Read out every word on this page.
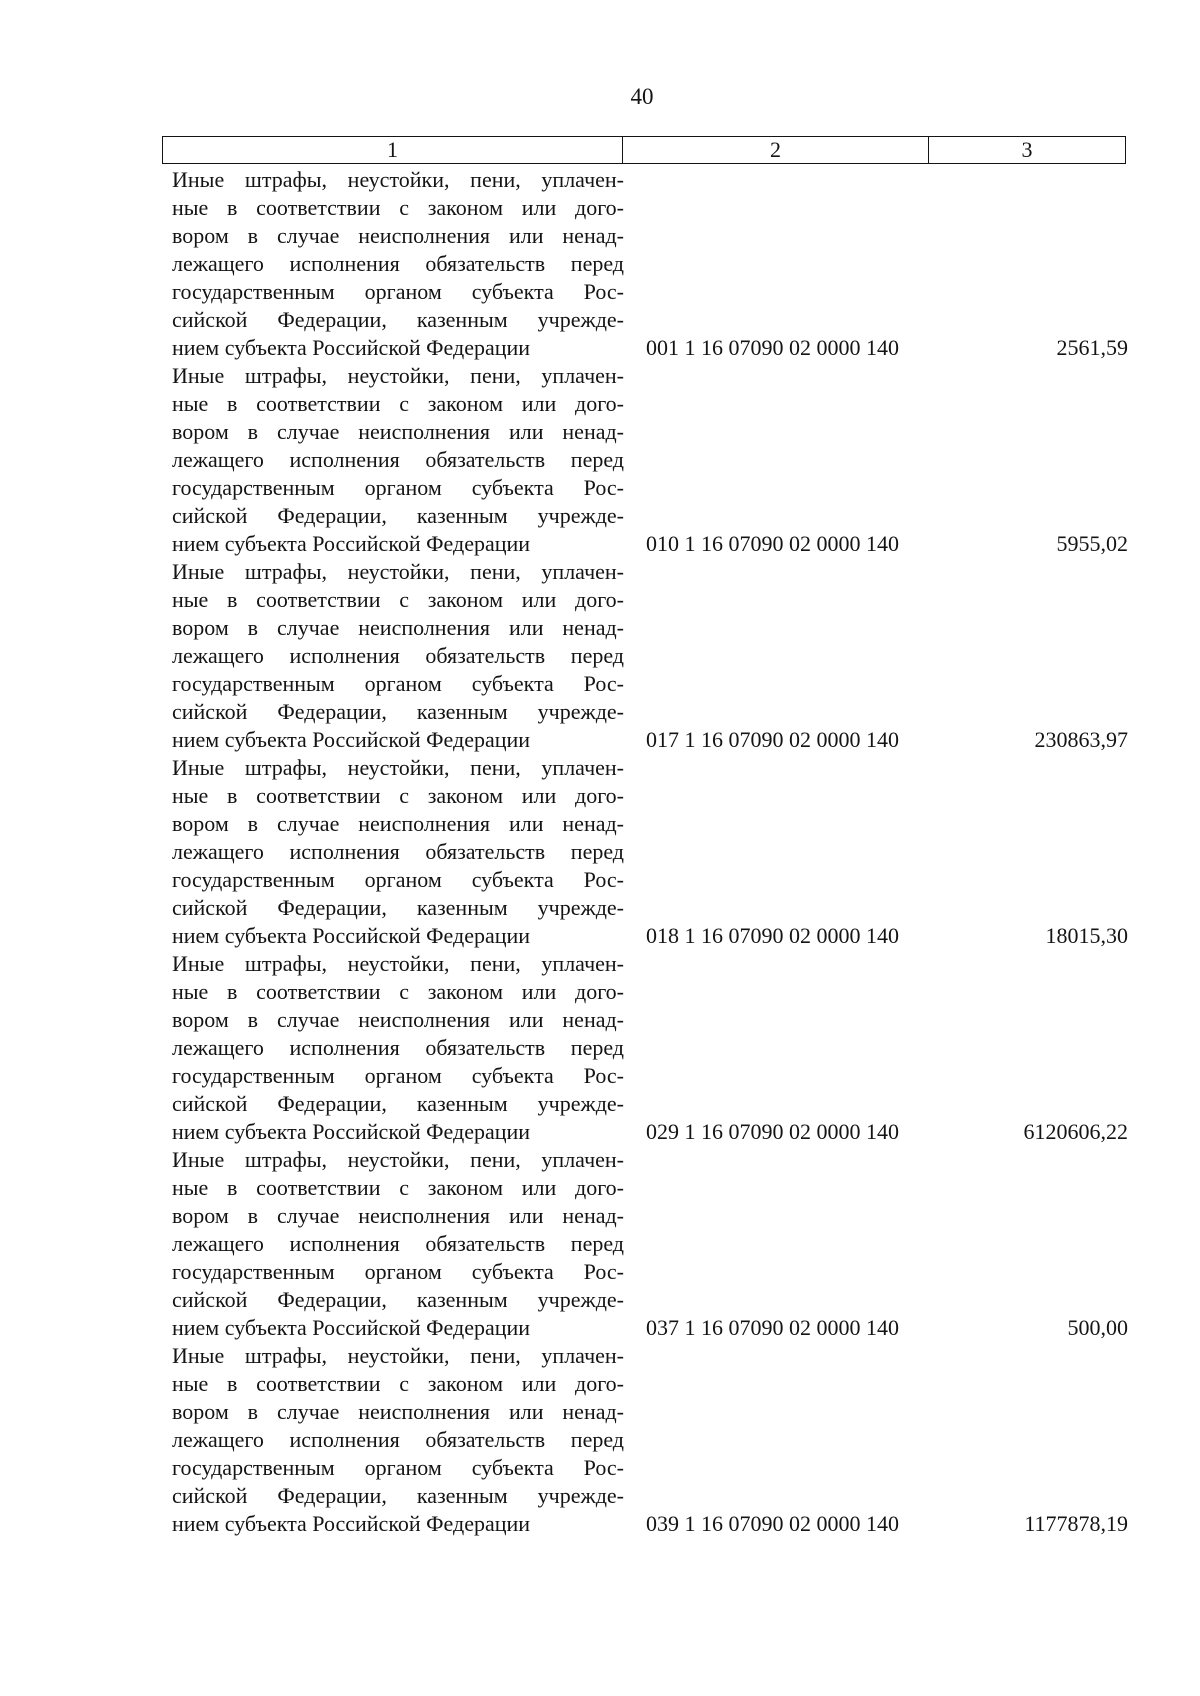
40
1	2	3
Иные штрафы, неустойки, пени, уплачен-
ные в соответствии с законом или дого-
вором в случае неисполнения или ненад-
лежащего исполнения обязательств перед
государственным органом субъекта Рос-
сийской Федерации, казенным учрежде-
нием субъекта Российской Федерации	001 1 16 07090 02 0000 140	2561,59
Иные штрафы, неустойки, пени, уплачен-
ные в соответствии с законом или дого-
вором в случае неисполнения или ненад-
лежащего исполнения обязательств перед
государственным органом субъекта Рос-
сийской Федерации, казенным учрежде-
нием субъекта Российской Федерации	010 1 16 07090 02 0000 140	5955,02
Иные штрафы, неустойки, пени, уплачен-
ные в соответствии с законом или дого-
вором в случае неисполнения или ненад-
лежащего исполнения обязательств перед
государственным органом субъекта Рос-
сийской Федерации, казенным учрежде-
нием субъекта Российской Федерации	017 1 16 07090 02 0000 140	230863,97
Иные штрафы, неустойки, пени, уплачен-
ные в соответствии с законом или дого-
вором в случае неисполнения или ненад-
лежащего исполнения обязательств перед
государственным органом субъекта Рос-
сийской Федерации, казенным учрежде-
нием субъекта Российской Федерации	018 1 16 07090 02 0000 140	18015,30
Иные штрафы, неустойки, пени, уплачен-
ные в соответствии с законом или дого-
вором в случае неисполнения или ненад-
лежащего исполнения обязательств перед
государственным органом субъекта Рос-
сийской Федерации, казенным учрежде-
нием субъекта Российской Федерации	029 1 16 07090 02 0000 140	6120606,22
Иные штрафы, неустойки, пени, уплачен-
ные в соответствии с законом или дого-
вором в случае неисполнения или ненад-
лежащего исполнения обязательств перед
государственным органом субъекта Рос-
сийской Федерации, казенным учрежде-
нием субъекта Российской Федерации	037 1 16 07090 02 0000 140	500,00
Иные штрафы, неустойки, пени, уплачен-
ные в соответствии с законом или дого-
вором в случае неисполнения или ненад-
лежащего исполнения обязательств перед
государственным органом субъекта Рос-
сийской Федерации, казенным учрежде-
нием субъекта Российской Федерации	039 1 16 07090 02 0000 140	1177878,19
